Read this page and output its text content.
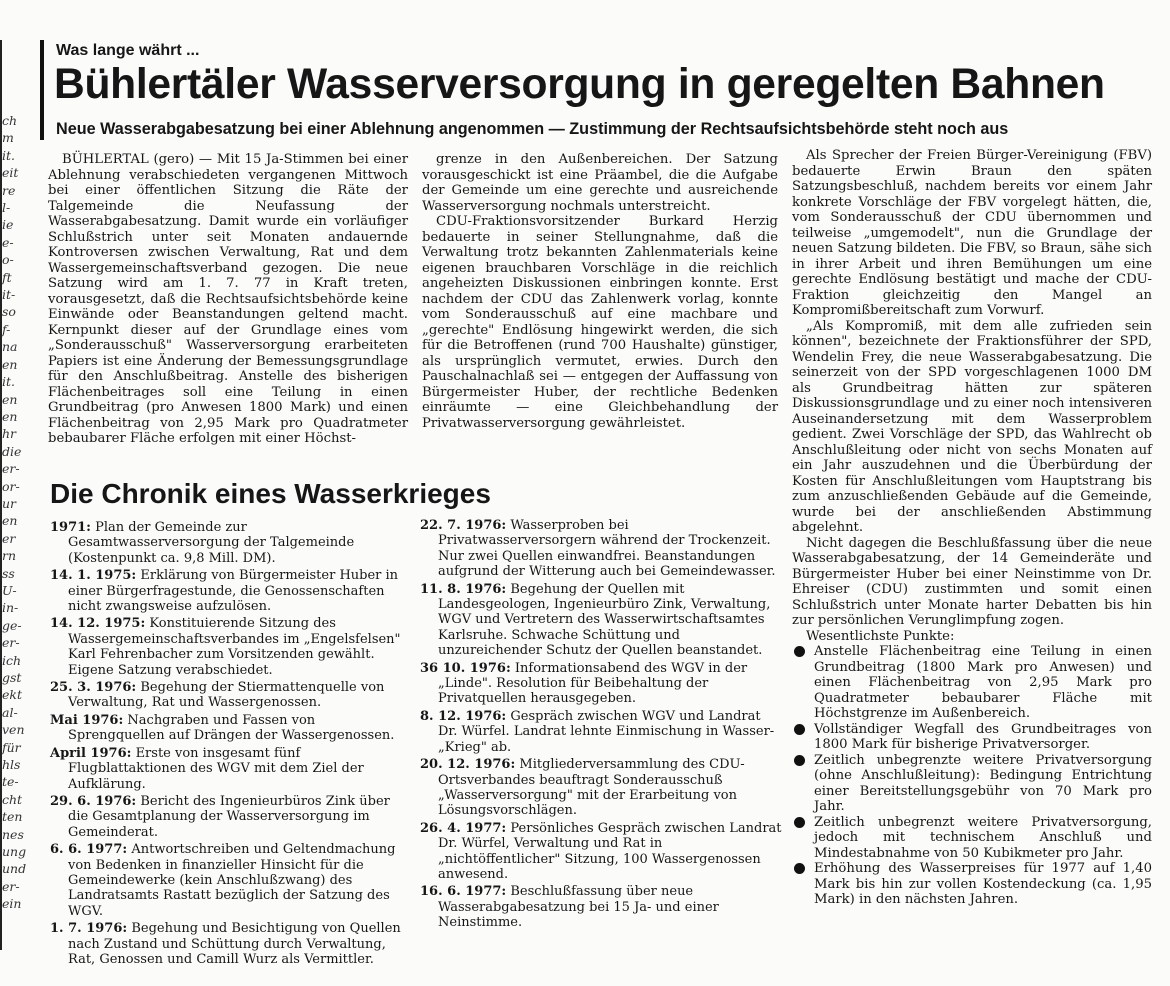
ch
m
it.
eit
re
l-
ie
e-
o-
ft
it-
so
f-
na
en
it.
en
en
hr
die
er-
or-
ur
en
er
rn
ss
U-
in-
ge-
er-
ich
gst
ekt
al-
ven
für
hls
te-
cht
ten
nes
ung
und
er-
ein
Was lange währt ...
Bühlertäler Wasserversorgung in geregelten Bahnen
Neue Wasserabgabesatzung bei einer Ablehnung angenommen — Zustimmung der Rechtsaufsichtsbehörde steht noch aus

BÜHLERTAL (gero) — Mit 15 Ja-Stimmen bei einer Ablehnung verabschiedeten vergangenen Mittwoch bei einer öffentlichen Sitzung die Räte der Talgemeinde die Neufassung der Wasserabgabesatzung. Damit wurde ein vorläufiger Schlußstrich unter seit Monaten andauernde Kontroversen zwischen Verwaltung, Rat und dem Wassergemeinschaftsverband gezogen. Die neue Satzung wird am 1. 7. 77 in Kraft treten, vorausgesetzt, daß die Rechtsaufsichtsbehörde keine Einwände oder Beanstandungen geltend macht. Kernpunkt dieser auf der Grundlage eines vom „Sonderausschuß" Wasserversorgung erarbeiteten Papiers ist eine Änderung der Bemessungsgrundlage für den Anschlußbeitrag. Anstelle des bisherigen Flächenbeitrages soll eine Teilung in einen Grundbeitrag (pro Anwesen 1800 Mark) und einen Flächenbeitrag von 2,95 Mark pro Quadratmeter bebaubarer Fläche erfolgen mit einer Höchst-

grenze in den Außenbereichen. Der Satzung vorausgeschickt ist eine Präambel, die die Aufgabe der Gemeinde um eine gerechte und ausreichende Wasserversorgung nochmals unterstreicht.

CDU-Fraktionsvorsitzender Burkard Herzig bedauerte in seiner Stellungnahme, daß die Verwaltung trotz bekannten Zahlenmaterials keine eigenen brauchbaren Vorschläge in die reichlich angeheizten Diskussionen einbringen konnte. Erst nachdem der CDU das Zahlenwerk vorlag, konnte vom Sonderausschuß auf eine machbare und „gerechte" Endlösung hingewirkt werden, die sich für die Betroffenen (rund 700 Haushalte) günstiger, als ursprünglich vermutet, erwies. Durch den Pauschalnachlaß sei — entgegen der Auffassung von Bürgermeister Huber, der rechtliche Bedenken einräumte — eine Gleichbehandlung der Privatwasserversorgung gewährleistet.

Als Sprecher der Freien Bürger-Vereinigung (FBV) bedauerte Erwin Braun den späten Satzungsbeschluß, nachdem bereits vor einem Jahr konkrete Vorschläge der FBV vorgelegt hätten, die, vom Sonderausschuß der CDU übernommen und teilweise „umgemodelt", nun die Grundlage der neuen Satzung bildeten. Die FBV, so Braun, sähe sich in ihrer Arbeit und ihren Bemühungen um eine gerechte Endlösung bestätigt und mache der CDU-Fraktion gleichzeitig den Mangel an Kompromißbereitschaft zum Vorwurf.

„Als Kompromiß, mit dem alle zufrieden sein können", bezeichnete der Fraktionsführer der SPD, Wendelin Frey, die neue Wasserabgabesatzung. Die seinerzeit von der SPD vorgeschlagenen 1000 DM als Grundbeitrag hätten zur späteren Diskussionsgrundlage und zu einer noch intensiveren Auseinandersetzung mit dem Wasserproblem gedient. Zwei Vorschläge der SPD, das Wahlrecht ob Anschlußleitung oder nicht von sechs Monaten auf ein Jahr auszudehnen und die Überbürdung der Kosten für Anschlußleitungen vom Hauptstrang bis zum anzuschließenden Gebäude auf die Gemeinde, wurde bei der anschließenden Abstimmung abgelehnt.

Nicht dagegen die Beschlußfassung über die neue Wasserabgabesatzung, der 14 Gemeinderäte und Bürgermeister Huber bei einer Neinstimme von Dr. Ehreiser (CDU) zustimmten und somit einen Schlußstrich unter Monate harter Debatten bis hin zur persönlichen Verunglimpfung zogen.

Wesentlichste Punkte:

Anstelle Flächenbeitrag eine Teilung in einen Grundbeitrag (1800 Mark pro Anwesen) und einen Flächenbeitrag von 2,95 Mark pro Quadratmeter bebaubarer Fläche mit Höchstgrenze im Außenbereich.
Vollständiger Wegfall des Grundbeitrages von 1800 Mark für bisherige Privatversorger.
Zeitlich unbegrenzte weitere Privatversorgung (ohne Anschlußleitung): Bedingung Entrichtung einer Bereitstellungsgebühr von 70 Mark pro Jahr.
Zeitlich unbegrenzt weitere Privatversorgung, jedoch mit technischem Anschluß und Mindestabnahme von 50 Kubikmeter pro Jahr.
Erhöhung des Wasserpreises für 1977 auf 1,40 Mark bis hin zur vollen Kostendeckung (ca. 1,95 Mark) in den nächsten Jahren.
Die Chronik eines Wasserkrieges
1971: Plan der Gemeinde zur Gesamtwasserversorgung der Talgemeinde (Kostenpunkt ca. 9,8 Mill. DM).
14. 1. 1975: Erklärung von Bürgermeister Huber in einer Bürgerfragestunde, die Genossenschaften nicht zwangsweise aufzulösen.
14. 12. 1975: Konstituierende Sitzung des Wassergemeinschaftsverbandes im „Engelsfelsen" Karl Fehrenbacher zum Vorsitzenden gewählt. Eigene Satzung verabschiedet.
25. 3. 1976: Begehung der Stiermattenquelle von Verwaltung, Rat und Wassergenossen.
Mai 1976: Nachgraben und Fassen von Sprengquellen auf Drängen der Wassergenossen.
April 1976: Erste von insgesamt fünf Flugblattaktionen des WGV mit dem Ziel der Aufklärung.
29. 6. 1976: Bericht des Ingenieurbüros Zink über die Gesamtplanung der Wasserversorgung im Gemeinderat.
6. 6. 1977: Antwortschreiben und Geltendmachung von Bedenken in finanzieller Hinsicht für die Gemeindewerke (kein Anschlußzwang) des Landratsamts Rastatt bezüglich der Satzung des WGV.
1. 7. 1976: Begehung und Besichtigung von Quellen nach Zustand und Schüttung durch Verwaltung, Rat, Genossen und Camill Wurz als Vermittler.
22. 7. 1976: Wasserproben bei Privatwasserversorgern während der Trockenzeit. Nur zwei Quellen einwandfrei. Beanstandungen aufgrund der Witterung auch bei Gemeindewasser.
11. 8. 1976: Begehung der Quellen mit Landesgeologen, Ingenieurbüro Zink, Verwaltung, WGV und Vertretern des Wasserwirtschaftsamtes Karlsruhe. Schwache Schüttung und unzureichender Schutz der Quellen beanstandet.
36 10. 1976: Informationsabend des WGV in der „Linde". Resolution für Beibehaltung der Privatquellen herausgegeben.
8. 12. 1976: Gespräch zwischen WGV und Landrat Dr. Würfel. Landrat lehnte Einmischung in Wasser-„Krieg" ab.
20. 12. 1976: Mitgliederversammlung des CDU-Ortsverbandes beauftragt Sonderausschuß „Wasserversorgung" mit der Erarbeitung von Lösungsvorschlägen.
26. 4. 1977: Persönliches Gespräch zwischen Landrat Dr. Würfel, Verwaltung und Rat in „nichtöffentlicher" Sitzung, 100 Wassergenossen anwesend.
16. 6. 1977: Beschlußfassung über neue Wasserabgabesatzung bei 15 Ja- und einer Neinstimme.
